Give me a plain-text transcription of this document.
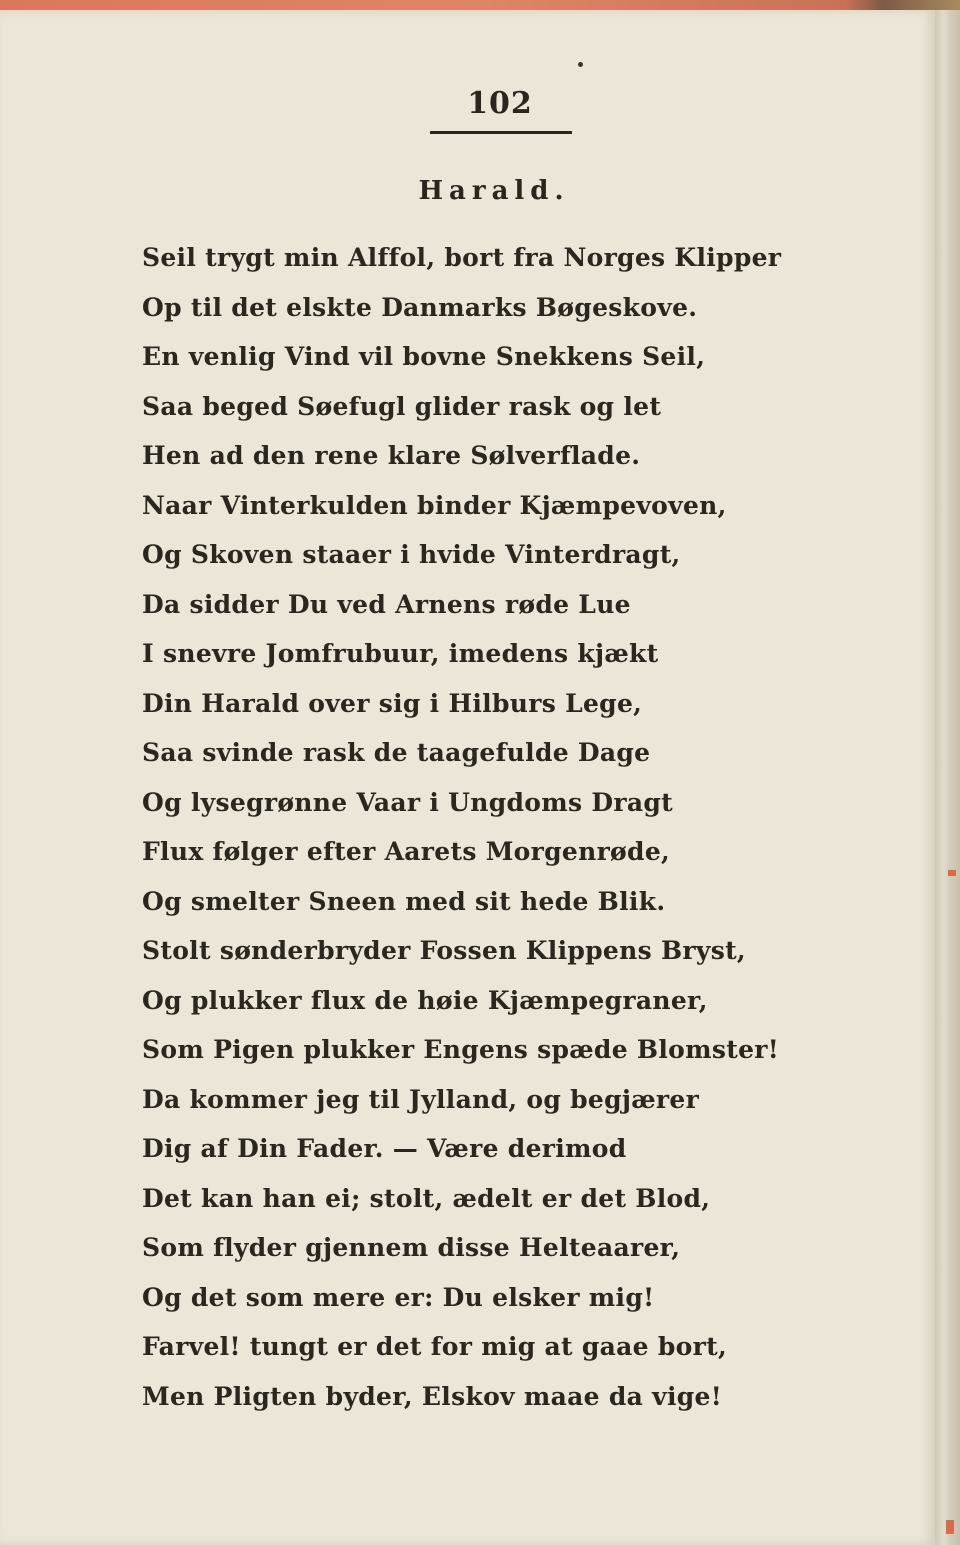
102
Harald.
Seil trygt min Alffol, bort fra Norges Klipper
Op til det elskte Danmarks Bøgeskove.
En venlig Vind vil bovne Snekkens Seil,
Saa beged Søefugl glider rask og let
Hen ad den rene klare Sølverflade.
Naar Vinterkulden binder Kjæmpevoven,
Og Skoven staaer i hvide Vinterdragt,
Da sidder Du ved Arnens røde Lue
I snevre Jomfrubuur, imedens kjækt
Din Harald over sig i Hilburs Lege,
Saa svinde rask de taagefulde Dage
Og lysegrønne Vaar i Ungdoms Dragt
Flux følger efter Aarets Morgenrøde,
Og smelter Sneen med sit hede Blik.
Stolt sønderbryder Fossen Klippens Bryst,
Og plukker flux de høie Kjæmpegraner,
Som Pigen plukker Engens spæde Blomster!
Da kommer jeg til Jylland, og begjærer
Dig af Din Fader. — Være derimod
Det kan han ei; stolt, ædelt er det Blod,
Som flyder gjennem disse Helteaarer,
Og det som mere er: Du elsker mig!
Farvel! tungt er det for mig at gaae bort,
Men Pligten byder, Elskov maae da vige!
